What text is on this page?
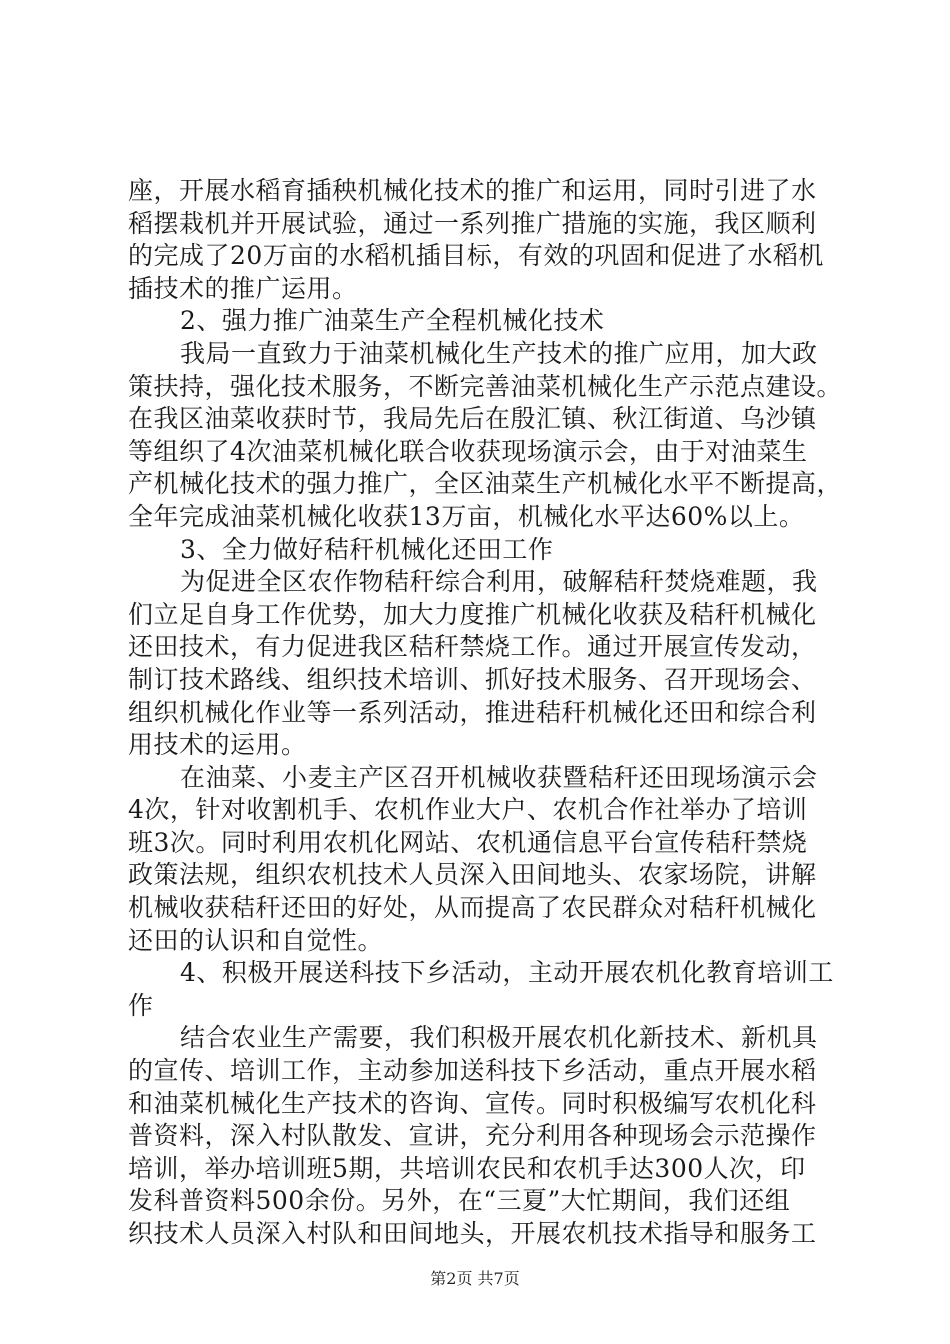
座，开展水稻育插秧机械化技术的推广和运用，同时引进了水
稻摆栽机并开展试验，通过一系列推广措施的实施，我区顺利
的完成了20万亩的水稻机插目标，有效的巩固和促进了水稻机
插技术的推广运用。
2、强力推广油菜生产全程机械化技术
我局一直致力于油菜机械化生产技术的推广应用，加大政
策扶持，强化技术服务，不断完善油菜机械化生产示范点建设。
在我区油菜收获时节，我局先后在殷汇镇、秋江街道、乌沙镇
等组织了4次油菜机械化联合收获现场演示会，由于对油菜生
产机械化技术的强力推广，全区油菜生产机械化水平不断提高，
全年完成油菜机械化收获13万亩，机械化水平达60%以上。
3、全力做好秸秆机械化还田工作
为促进全区农作物秸秆综合利用，破解秸秆焚烧难题，我
们立足自身工作优势，加大力度推广机械化收获及秸秆机械化
还田技术，有力促进我区秸秆禁烧工作。通过开展宣传发动，
制订技术路线、组织技术培训、抓好技术服务、召开现场会、
组织机械化作业等一系列活动，推进秸秆机械化还田和综合利
用技术的运用。
在油菜、小麦主产区召开机械收获暨秸秆还田现场演示会
4次，针对收割机手、农机作业大户、农机合作社举办了培训
班3次。同时利用农机化网站、农机通信息平台宣传秸秆禁烧
政策法规，组织农机技术人员深入田间地头、农家场院，讲解
机械收获秸秆还田的好处，从而提高了农民群众对秸秆机械化
还田的认识和自觉性。
4、积极开展送科技下乡活动，主动开展农机化教育培训工
作
结合农业生产需要，我们积极开展农机化新技术、新机具
的宣传、培训工作，主动参加送科技下乡活动，重点开展水稻
和油菜机械化生产技术的咨询、宣传。同时积极编写农机化科
普资料，深入村队散发、宣讲，充分利用各种现场会示范操作
培训，举办培训班5期，共培训农民和农机手达300人次，印
发科普资料500余份。另外，在“三夏”大忙期间，我们还组
织技术人员深入村队和田间地头，开展农机技术指导和服务工
第2页 共7页
